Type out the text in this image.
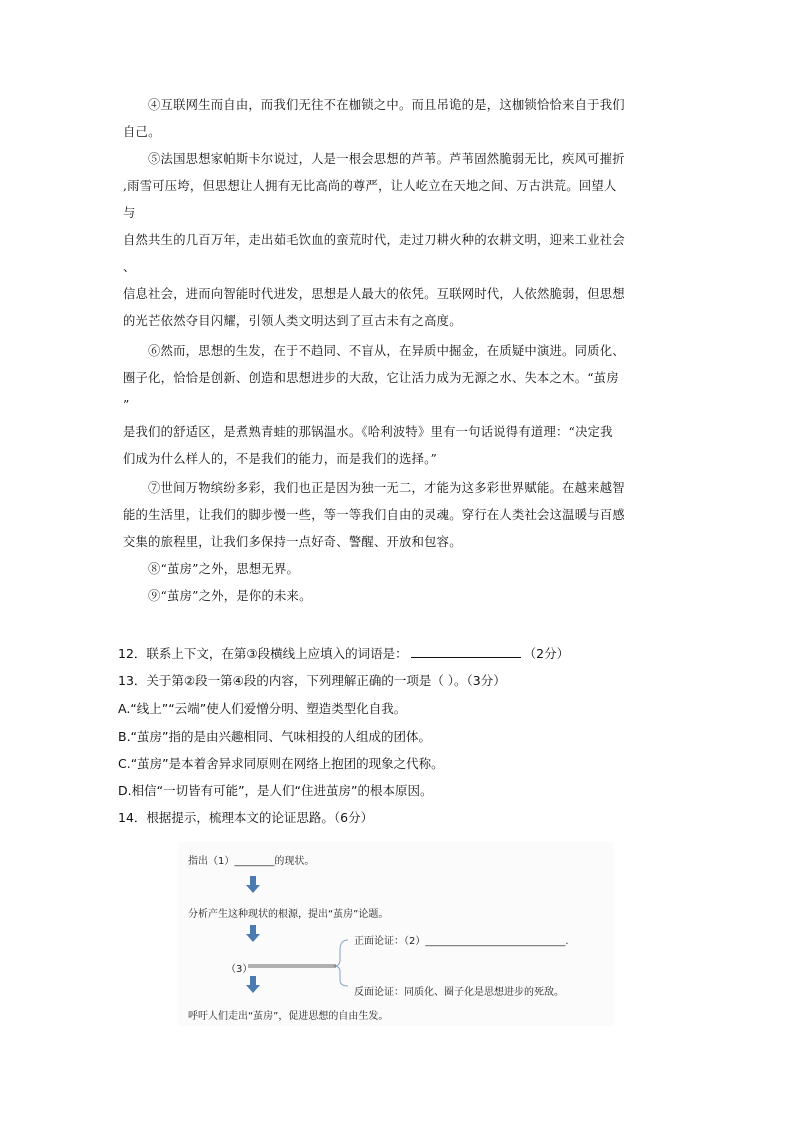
④互联网生而自由，而我们无往不在枷锁之中。而且吊诡的是，这枷锁恰恰来自于我们
自己。
⑤法国思想家帕斯卡尔说过，人是一根会思想的芦苇。芦苇固然脆弱无比，疾风可摧折
,雨雪可压垮，但思想让人拥有无比高尚的尊严，让人屹立在天地之间、万古洪荒。回望人
与
自然共生的几百万年，走出茹毛饮血的蛮荒时代，走过刀耕火种的农耕文明，迎来工业社会
、
信息社会，进而向智能时代进发，思想是人最大的依凭。互联网时代，人依然脆弱，但思想
的光芒依然夺目闪耀，引领人类文明达到了亘古未有之高度。
⑥然而，思想的生发，在于不趋同、不盲从，在异质中掘金，在质疑中演进。同质化、
圈子化，恰恰是创新、创造和思想进步的大敌，它让活力成为无源之水、失本之木。“茧房
”
是我们的舒适区，是煮熟青蛙的那锅温水。《哈利波特》里有一句话说得有道理：“决定我
们成为什么样人的，不是我们的能力，而是我们的选择。”
⑦世间万物缤纷多彩，我们也正是因为独一无二，才能为这多彩世界赋能。在越来越智
能的生活里，让我们的脚步慢一些，等一等我们自由的灵魂。穿行在人类社会这温暖与百感
交集的旅程里，让我们多保持一点好奇、警醒、开放和包容。
⑧“茧房”之外，思想无界。
⑨“茧房”之外，是你的未来。
12．联系上下文，在第③段横线上应填入的词语是：	（2分）
13．关于第②段一第④段的内容，下列理解正确的一项是（ ）。（3分）
A.“线上”“云端”使人们爱憎分明、塑造类型化自我。
B.“茧房”指的是由兴趣相同、气味相投的人组成的团体。
C.“茧房”是本着舍异求同原则在网络上抱团的现象之代称。
D.相信“一切皆有可能”，是人们“住进茧房”的根本原因。
14．根据提示，梳理本文的论证思路。（6分）
指出（1）________的现状。
分析产生这种现状的根源，提出“茧房”论题。
正面论证：（2）____________________________.
（3）
反面论证：同质化、圈子化是思想进步的死敌。
呼吁人们走出“茧房”，促进思想的自由生发。
